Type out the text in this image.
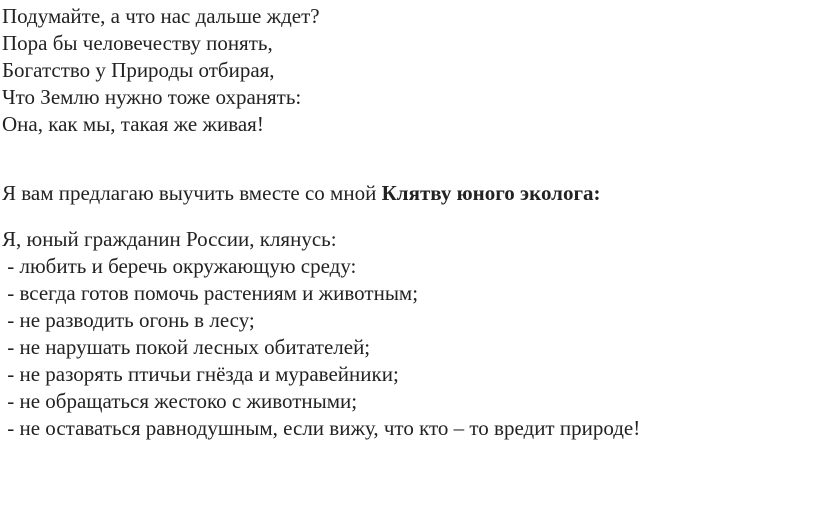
Подумайте, а что нас дальше ждет?
Пора бы человечеству понять,
Богатство у Природы отбирая,
Что Землю нужно тоже охранять:
Она, как мы, такая же живая!
Я вам предлагаю выучить вместе со мной Клятву юного эколога:
Я, юный гражданин России, клянусь:
- любить и беречь окружающую среду:
- всегда готов помочь растениям и животным;
- не разводить огонь в лесу;
- не нарушать покой лесных обитателей;
- не разорять птичьи гнёзда и муравейники;
- не обращаться жестоко с животными;
- не оставаться равнодушным, если вижу, что кто – то вредит природе!
